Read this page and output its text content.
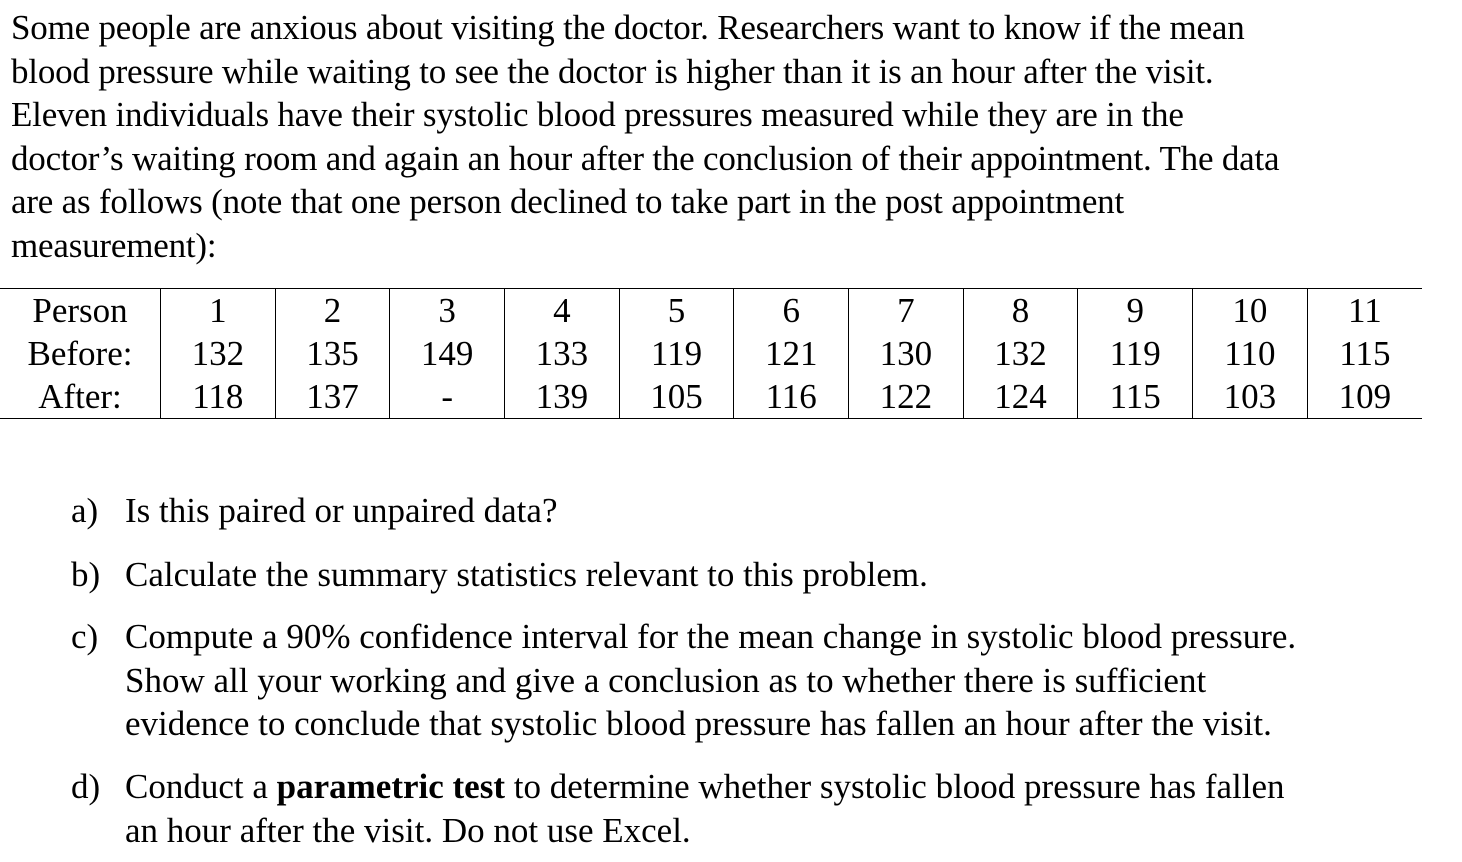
Some people are anxious about visiting the doctor. Researchers want to know if the mean
blood pressure while waiting to see the doctor is higher than it is an hour after the visit.
Eleven individuals have their systolic blood pressures measured while they are in the
doctor’s waiting room and again an hour after the conclusion of their appointment. The data
are as follows (note that one person declined to take part in the post appointment
measurement):

Person	1	2	3	4	5	6	7	8	9	10	11
Before:	132	135	149	133	119	121	130	132	119	110	115
After:	118	137	-	139	105	116	122	124	115	103	109
a) Is this paired or unpaired data?
b) Calculate the summary statistics relevant to this problem.
c) Compute a 90% confidence interval for the mean change in systolic blood pressure.
Show all your working and give a conclusion as to whether there is sufficient
evidence to conclude that systolic blood pressure has fallen an hour after the visit.
d) Conduct a parametric test to determine whether systolic blood pressure has fallen
an hour after the visit. Do not use Excel.
